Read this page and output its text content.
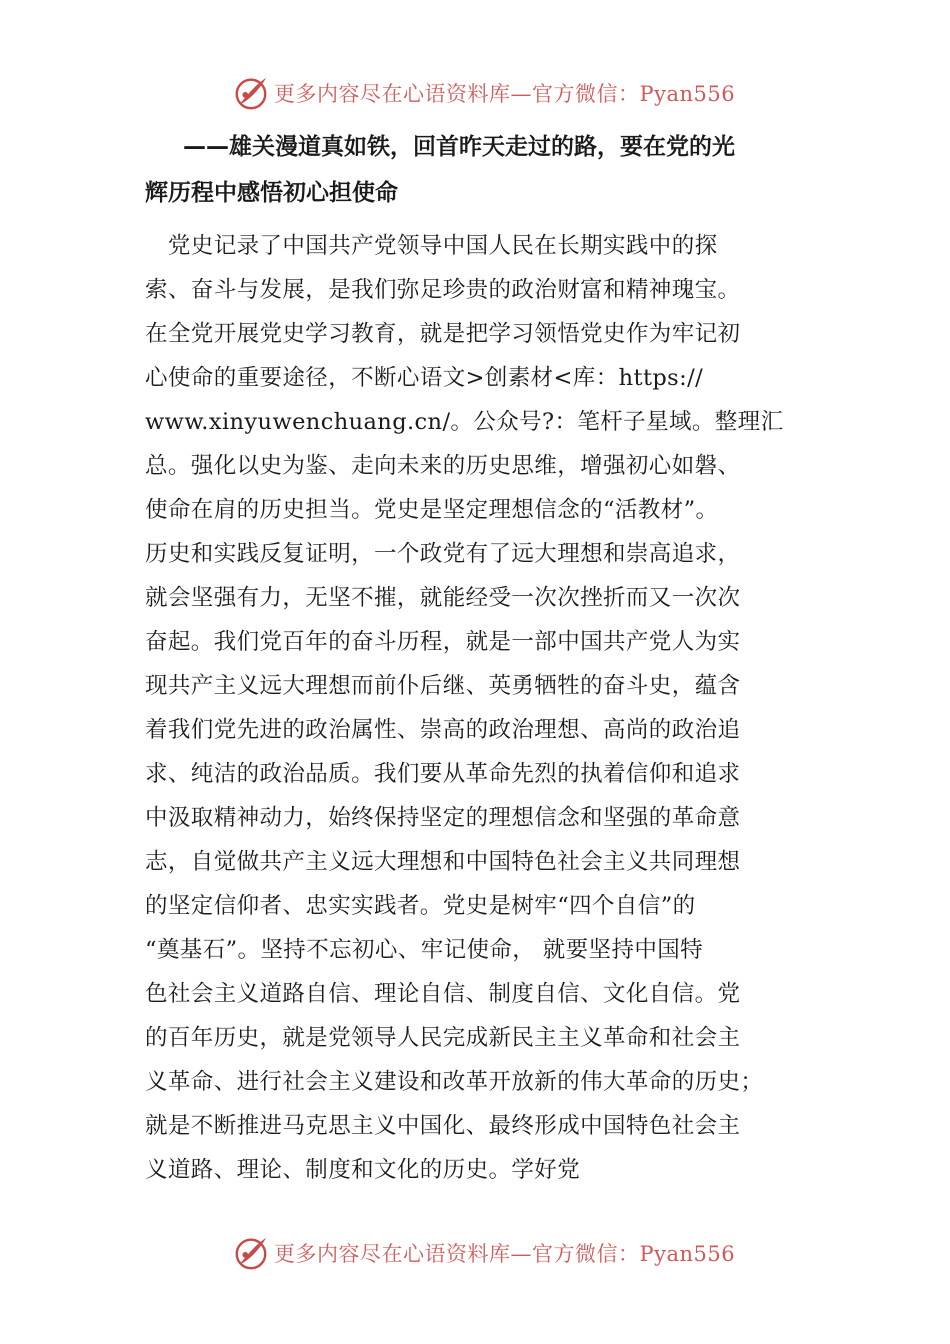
更多内容尽在心语资料库—官方微信：Pyan556
——雄关漫道真如铁，回首昨天走过的路，要在党的光
辉历程中感悟初心担使命
　党史记录了中国共产党领导中国人民在长期实践中的探
索、奋斗与发展，是我们弥足珍贵的政治财富和精神瑰宝。
在全党开展党史学习教育，就是把学习领悟党史作为牢记初
心使命的重要途径，不断心语文>创素材<库：https://
www.xinyuwenchuang.cn/。公众号?：笔杆子星域。整理汇
总。强化以史为鉴、走向未来的历史思维，增强初心如磐、
使命在肩的历史担当。党史是坚定理想信念的“活教材”。
历史和实践反复证明，一个政党有了远大理想和崇高追求，
就会坚强有力，无坚不摧，就能经受一次次挫折而又一次次
奋起。我们党百年的奋斗历程，就是一部中国共产党人为实
现共产主义远大理想而前仆后继、英勇牺牲的奋斗史，蕴含
着我们党先进的政治属性、崇高的政治理想、高尚的政治追
求、纯洁的政治品质。我们要从革命先烈的执着信仰和追求
中汲取精神动力，始终保持坚定的理想信念和坚强的革命意
志，自觉做共产主义远大理想和中国特色社会主义共同理想
的坚定信仰者、忠实实践者。党史是树牢“四个自信”的
“奠基石”。坚持不忘初心、牢记使命， 就要坚持中国特
色社会主义道路自信、理论自信、制度自信、文化自信。党
的百年历史，就是党领导人民完成新民主主义革命和社会主
义革命、进行社会主义建设和改革开放新的伟大革命的历史；
就是不断推进马克思主义中国化、最终形成中国特色社会主
义道路、理论、制度和文化的历史。学好党
更多内容尽在心语资料库—官方微信：Pyan556
